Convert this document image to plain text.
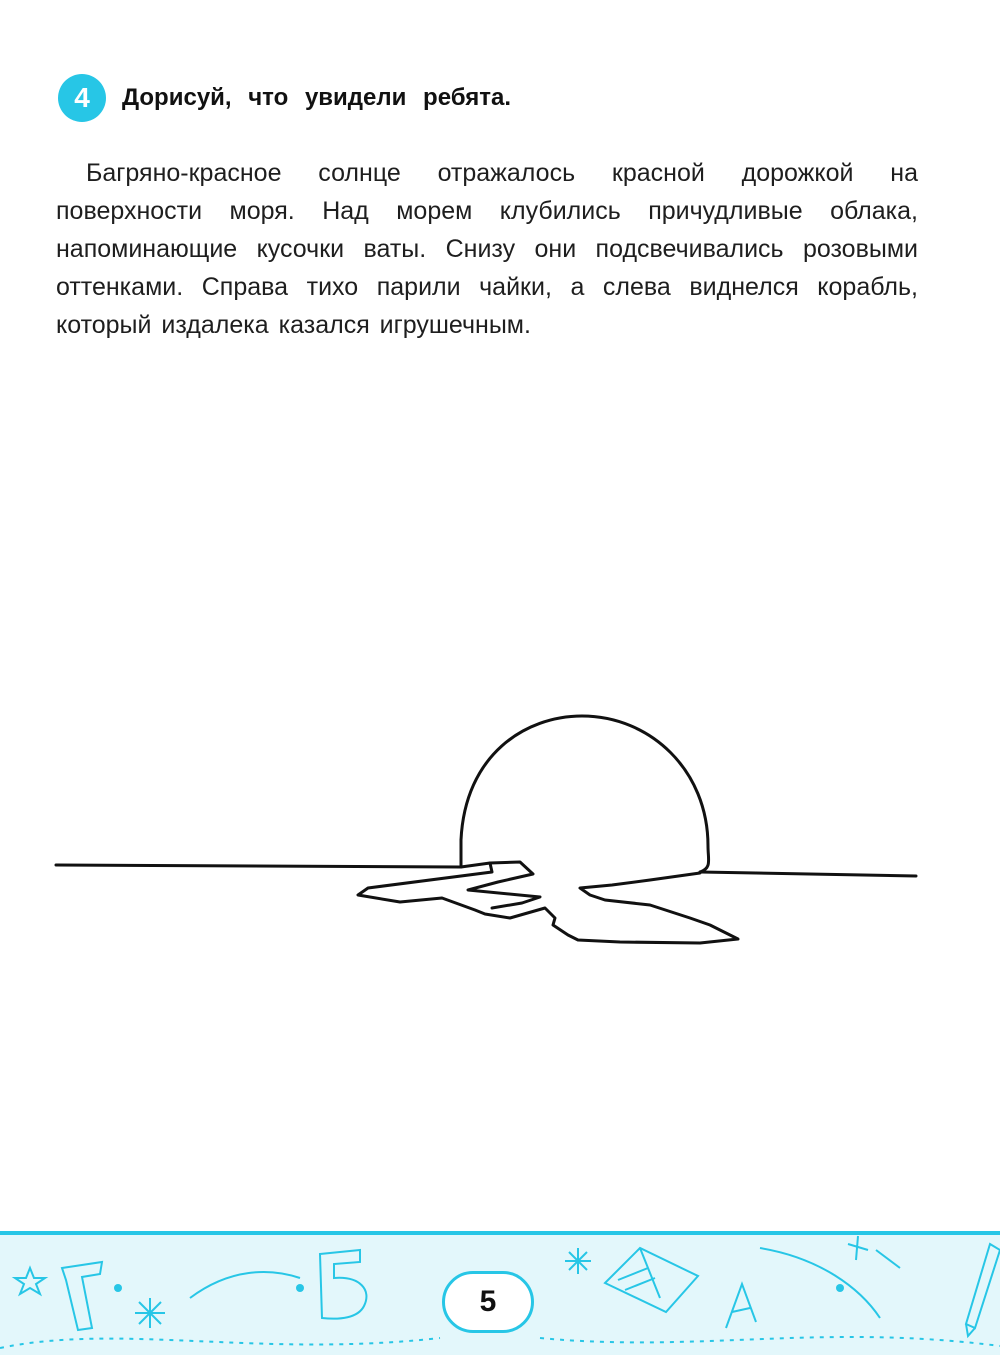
4	Дорисуй, что увидели ребята.

Багряно-красное солнце отражалось красной дорожкой на поверхности моря. Над морем клубились причудливые облака, напоминающие кусочки ваты. Снизу они подсвечивались розовыми оттенками. Справа тихо парили чайки, а слева виднелся корабль, который издалека казался игрушечным.

5
